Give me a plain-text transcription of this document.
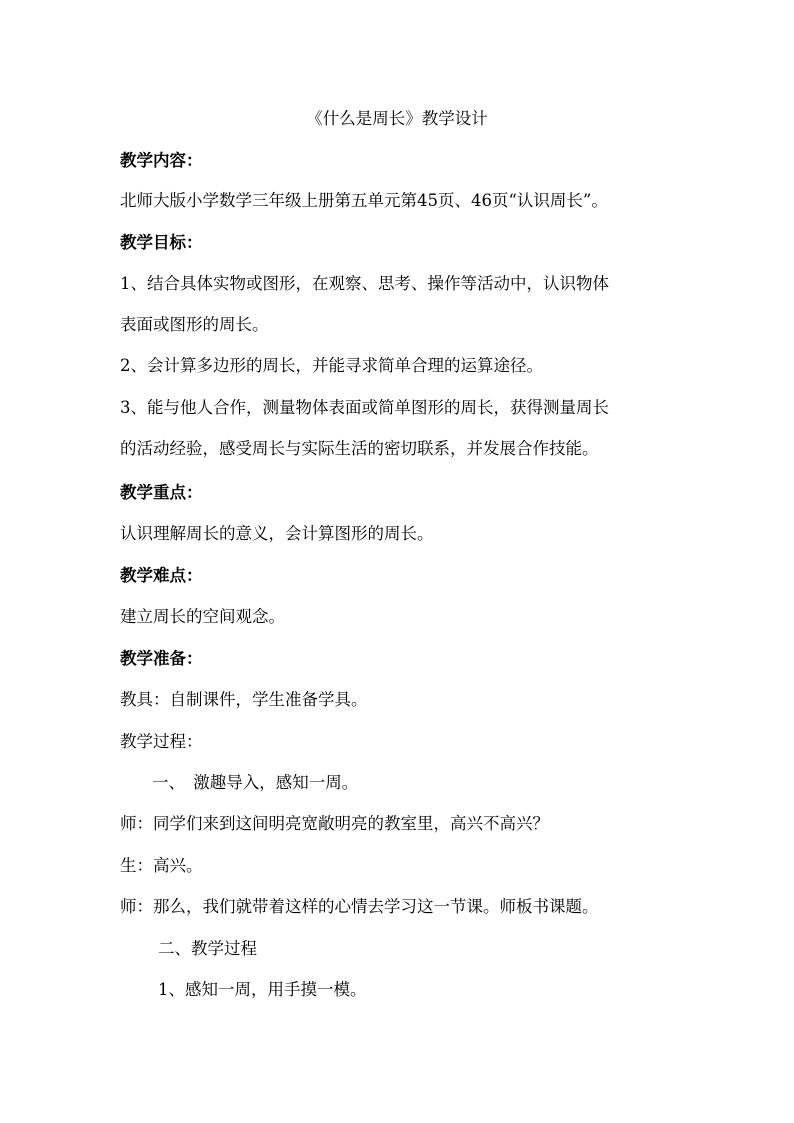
《什么是周长》教学设计
教学内容：
北师大版小学数学三年级上册第五单元第45页、46页“认识周长”。
教学目标：
1、结合具体实物或图形，在观察、思考、操作等活动中，认识物体
表面或图形的周长。
2、会计算多边形的周长，并能寻求简单合理的运算途径。
3、能与他人合作，测量物体表面或简单图形的周长，获得测量周长
的活动经验，感受周长与实际生活的密切联系，并发展合作技能。
教学重点：
认识理解周长的意义，会计算图形的周长。
教学难点：
建立周长的空间观念。
教学准备：
教具：自制课件，学生准备学具。
教学过程：
一、　激趣导入，感知一周。
师：同学们来到这间明亮宽敞明亮的教室里，高兴不高兴？
生：高兴。
师：那么，我们就带着这样的心情去学习这一节课。师板书课题。
二、教学过程
1、感知一周，用手摸一模。
